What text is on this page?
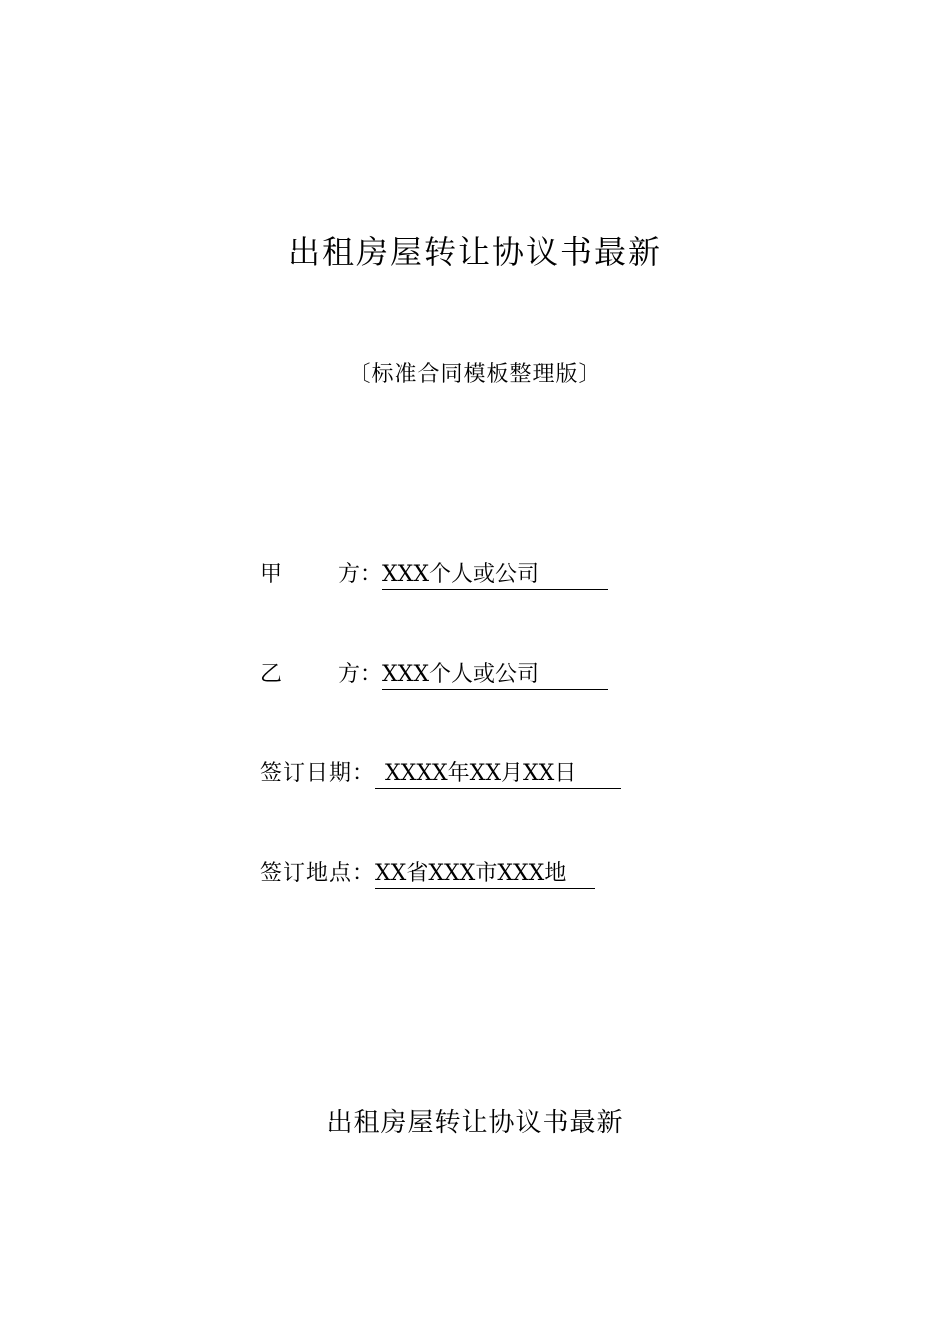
出租房屋转让协议书最新
〔标准合同模板整理版〕
甲	方：XXX个人或公司
乙	方：XXX个人或公司
签订日期： XXXX年XX月XX日
签订地点：XX省XXX市XXX地
出租房屋转让协议书最新
